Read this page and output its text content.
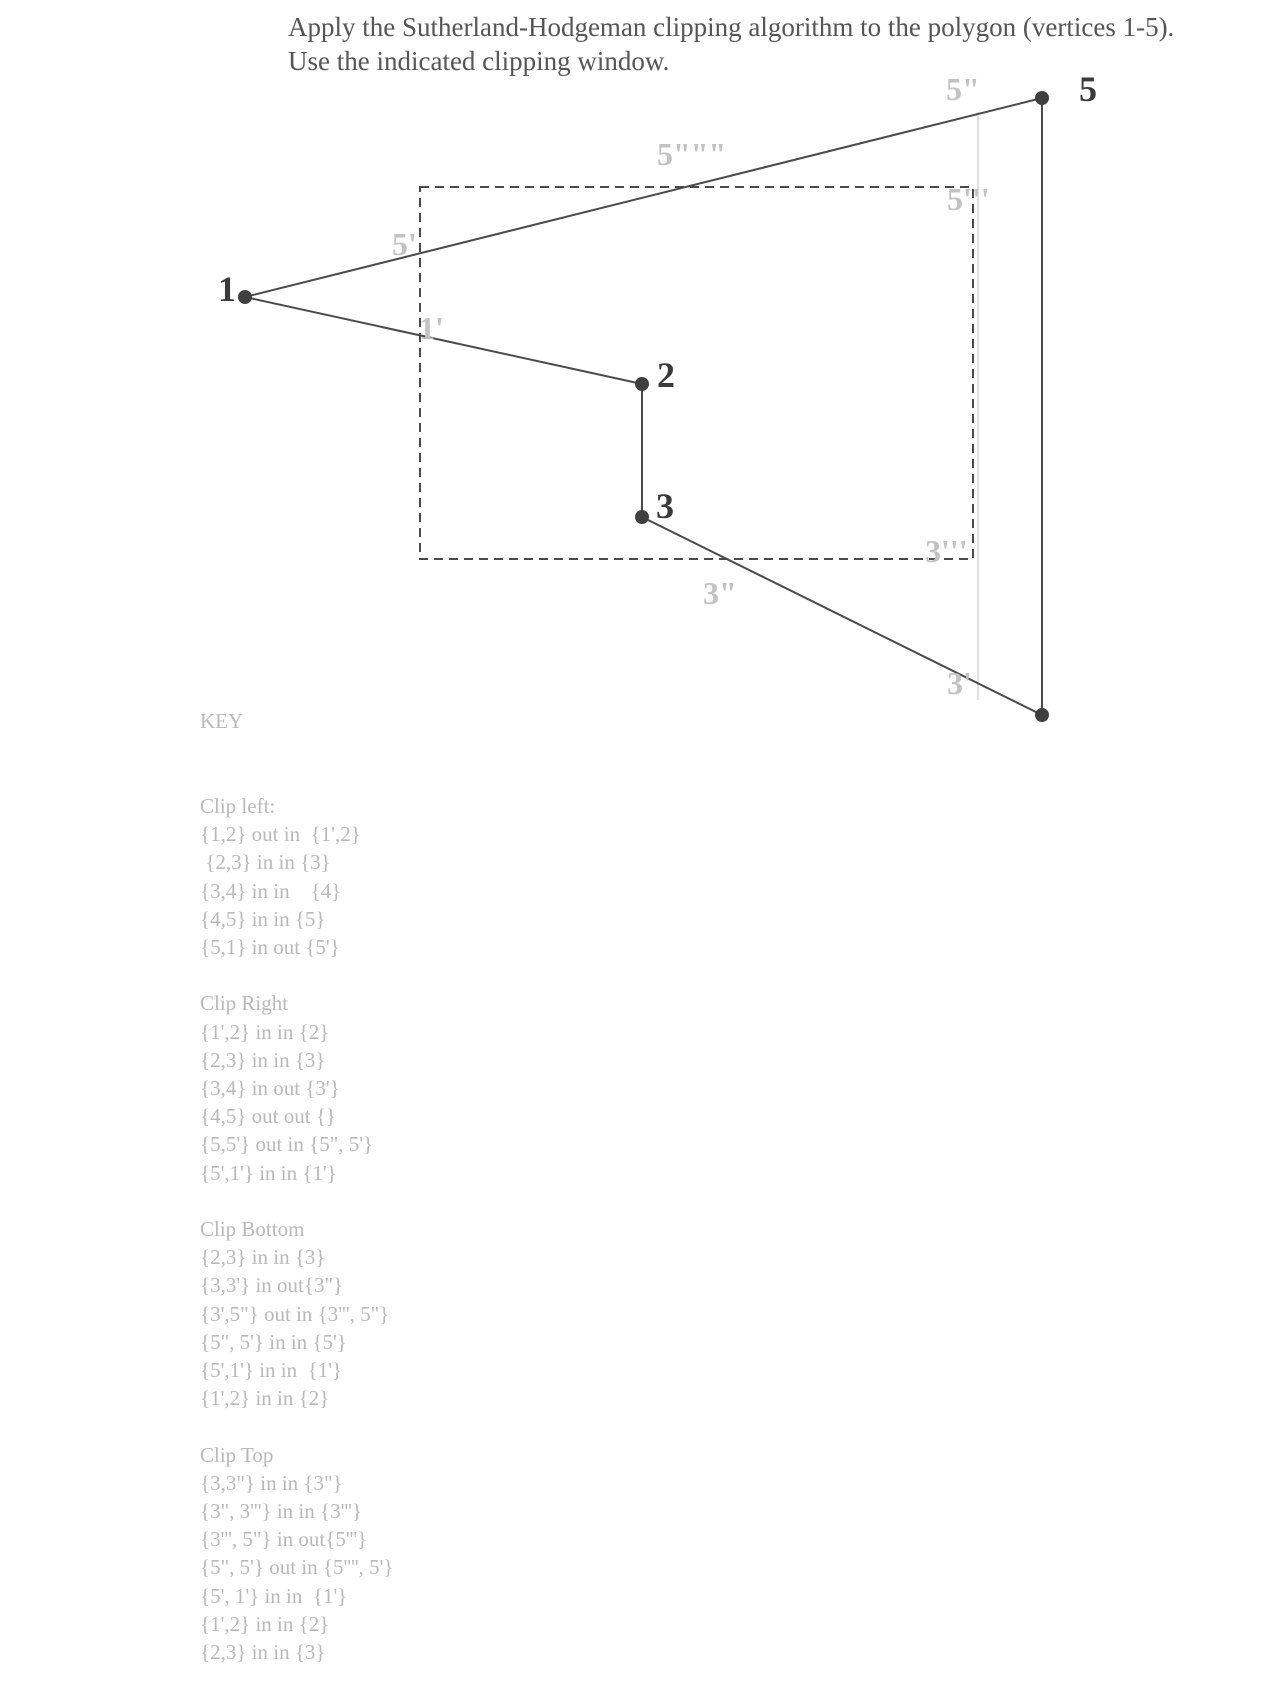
Apply the Sutherland-Hodgeman clipping algorithm to the polygon (vertices 1-5).
Use the indicated clipping window.
1
2
3
5
5"
5"""
5'''
5'
1'
3'''
3"
3'

KEY

Clip left:
{1,2} out in  {1',2}
{2,3} in in {3}
{3,4} in in    {4}
{4,5} in in {5}
{5,1} in out {5'}
Clip Right
{1',2} in in {2}
{2,3} in in {3}
{3,4} in out {3'}
{4,5} out out {}
{5,5'} out in {5", 5'}
{5',1'} in in {1'}
Clip Bottom
{2,3} in in {3}
{3,3'} in out{3"}
{3',5"} out in {3''', 5"}
{5", 5'} in in {5'}
{5',1'} in in  {1'}
{1',2} in in {2}
Clip Top
{3,3"} in in {3"}
{3", 3'''} in in {3'''}
{3''', 5"} in out{5'''}
{5", 5'} out in {5'''', 5'}
{5', 1'} in in  {1'}
{1',2} in in {2}
{2,3} in in {3}
